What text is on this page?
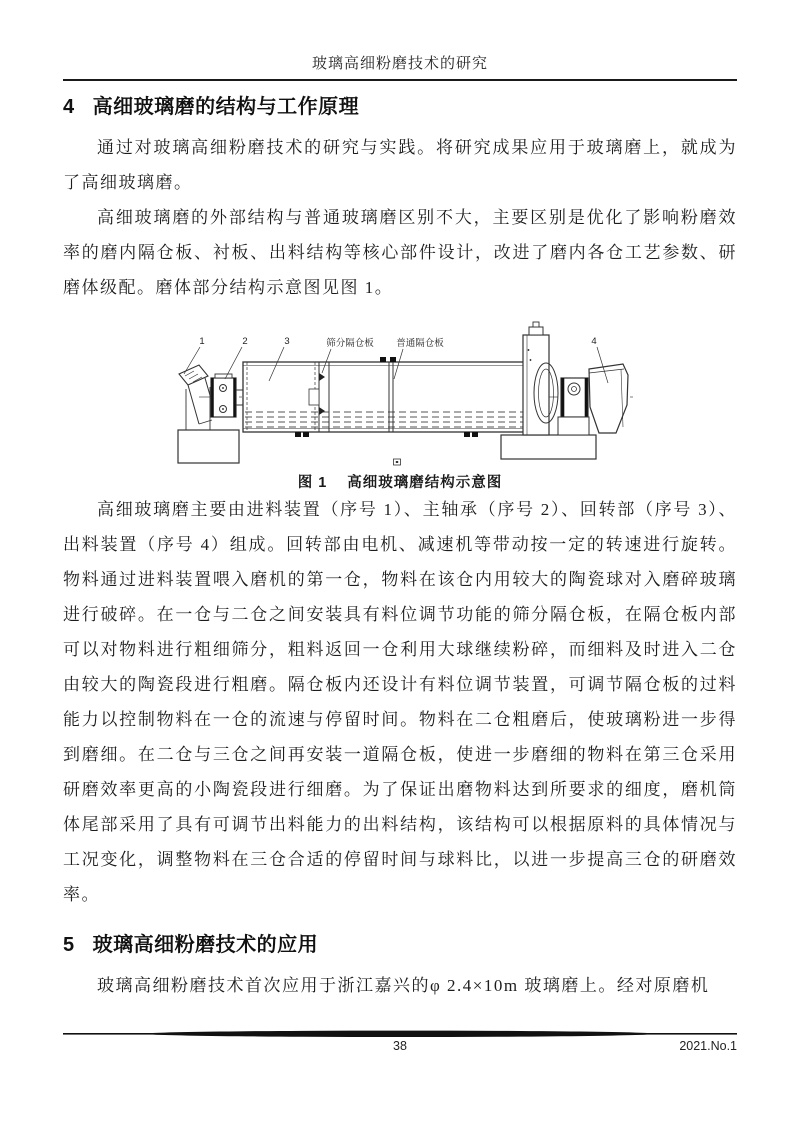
玻璃高细粉磨技术的研究
4 高细玻璃磨的结构与工作原理

通过对玻璃高细粉磨技术的研究与实践。将研究成果应用于玻璃磨上，就成为了高细玻璃磨。

高细玻璃磨的外部结构与普通玻璃磨区别不大，主要区别是优化了影响粉磨效率的磨内隔仓板、衬板、出料结构等核心部件设计，改进了磨内各仓工艺参数、研磨体级配。磨体部分结构示意图见图 1。

1	2	3	4
筛分隔仓板 普通隔仓板
图 1 高细玻璃磨结构示意图

高细玻璃磨主要由进料装置（序号 1）、主轴承（序号 2）、回转部（序号 3）、出料装置（序号 4）组成。回转部由电机、减速机等带动按一定的转速进行旋转。物料通过进料装置喂入磨机的第一仓，物料在该仓内用较大的陶瓷球对入磨碎玻璃进行破碎。在一仓与二仓之间安装具有料位调节功能的筛分隔仓板，在隔仓板内部可以对物料进行粗细筛分，粗料返回一仓利用大球继续粉碎，而细料及时进入二仓由较大的陶瓷段进行粗磨。隔仓板内还设计有料位调节装置，可调节隔仓板的过料能力以控制物料在一仓的流速与停留时间。物料在二仓粗磨后，使玻璃粉进一步得到磨细。在二仓与三仓之间再安装一道隔仓板，使进一步磨细的物料在第三仓采用研磨效率更高的小陶瓷段进行细磨。为了保证出磨物料达到所要求的细度，磨机筒体尾部采用了具有可调节出料能力的出料结构，该结构可以根据原料的具体情况与工况变化，调整物料在三仓合适的停留时间与球料比，以进一步提高三仓的研磨效率。

5 玻璃高细粉磨技术的应用

玻璃高细粉磨技术首次应用于浙江嘉兴的φ 2.4×10m 玻璃磨上。经对原磨机

38	2021.No.1
